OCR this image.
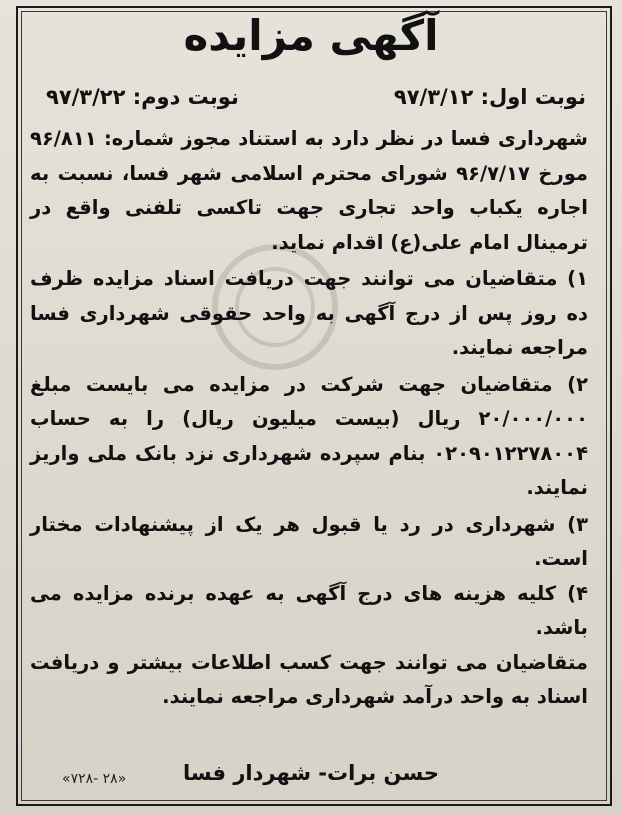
آگهی مزایده
نوبت اول: ۹۷/۳/۱۲
نوبت دوم: ۹۷/۳/۲۲

شهرداری فسا در نظر دارد به استناد مجوز شماره: ۹۶/۸۱۱ مورخ ۹۶/۷/۱۷ شورای محترم اسلامی شهر فسا، نسبت به اجاره یکباب واحد تجاری جهت تاکسی تلفنی واقع در ترمینال امام علی(ع) اقدام نماید.

۱) متقاضیان می توانند جهت دریافت اسناد مزایده ظرف ده روز پس از درج آگهی به واحد حقوقی شهرداری فسا مراجعه نمایند.

۲) متقاضیان جهت شرکت در مزایده می بایست مبلغ ۲۰/۰۰۰/۰۰۰ ریال (بیست میلیون ریال) را به حساب ۰۲۰۹۰۱۲۲۷۸۰۰۴ بنام سپرده شهرداری نزد بانک ملی واریز نمایند.

۳) شهرداری در رد یا قبول هر یک از پیشنهادات مختار است.

۴) کلیه هزینه های درج آگهی به عهده برنده مزایده می باشد.

متقاضیان می توانند جهت کسب اطلاعات بیشتر و دریافت اسناد به واحد درآمد شهرداری مراجعه نمایند.

حسن برات- شهردار فسا
«۲۸ -۷۲۸»
